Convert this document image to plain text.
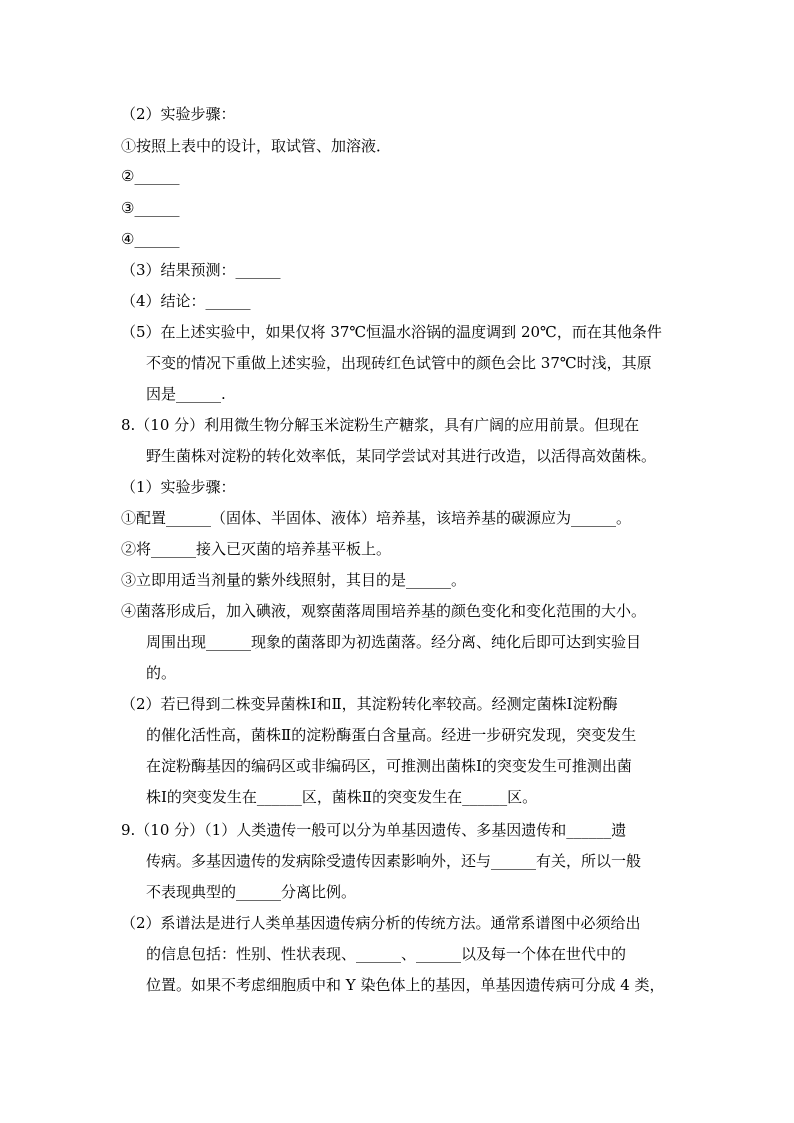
（2）实验步骤：
①按照上表中的设计，取试管、加溶液．
②______
③______
④______
（3）结果预测：______
（4）结论：______
（5）在上述实验中，如果仅将 37℃恒温水浴锅的温度调到 20℃，而在其他条件
不变的情况下重做上述实验，出现砖红色试管中的颜色会比 37℃时浅，其原
因是______.
8.（10 分）利用微生物分解玉米淀粉生产糖浆，具有广阔的应用前景。但现在
野生菌株对淀粉的转化效率低，某同学尝试对其进行改造，以活得高效菌株。
（1）实验步骤：
①配置______（固体、半固体、液体）培养基，该培养基的碳源应为______。
②将______接入已灭菌的培养基平板上。
③立即用适当剂量的紫外线照射，其目的是______。
④菌落形成后，加入碘液，观察菌落周围培养基的颜色变化和变化范围的大小。
周围出现______现象的菌落即为初选菌落。经分离、纯化后即可达到实验目
的。
（2）若已得到二株变异菌株Ⅰ和Ⅱ，其淀粉转化率较高。经测定菌株Ⅰ淀粉酶
的催化活性高，菌株Ⅱ的淀粉酶蛋白含量高。经进一步研究发现，突变发生
在淀粉酶基因的编码区或非编码区，可推测出菌株Ⅰ的突变发生可推测出菌
株Ⅰ的突变发生在______区，菌株Ⅱ的突变发生在______区。
9.（10 分）（1）人类遗传一般可以分为单基因遗传、多基因遗传和______遗
传病。多基因遗传的发病除受遗传因素影响外，还与______有关，所以一般
不表现典型的______分离比例。
（2）系谱法是进行人类单基因遗传病分析的传统方法。通常系谱图中必须给出
的信息包括：性别、性状表现、______、______以及每一个体在世代中的
位置。如果不考虑细胞质中和 Y 染色体上的基因，单基因遗传病可分成 4 类，
